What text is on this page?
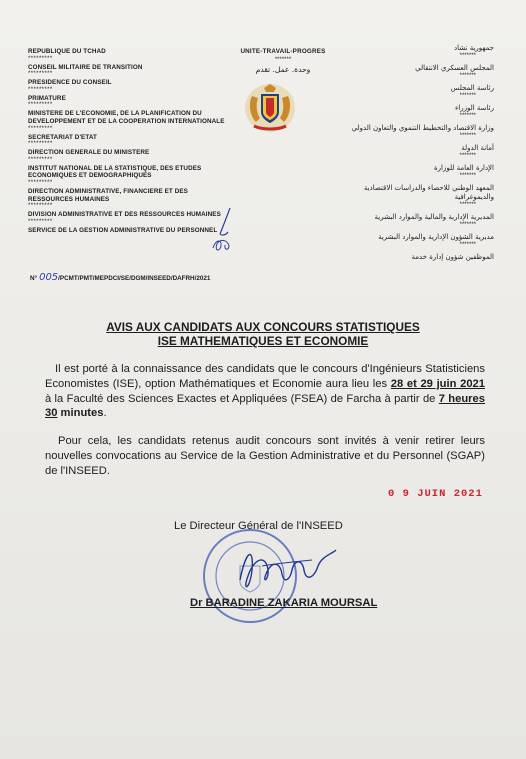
REPUBLIQUE DU TCHAD
*********
CONSEIL MILITAIRE DE TRANSITION
*********
PRESIDENCE DU CONSEIL
*********
PRIMATURE
*********
MINISTERE DE L'ECONOMIE, DE LA PLANIFICATION DU DEVELOPPEMENT ET DE LA COOPERATION INTERNATIONALE
*********
SECRETARIAT D'ETAT
*********
DIRECTION GENERALE DU MINISTERE
*********
INSTITUT NATIONAL DE LA STATISTIQUE, DES ETUDES ECONOMIQUES ET DEMOGRAPHIQUES
*********
DIRECTION ADMINISTRATIVE, FINANCIERE ET DES RESSOURCES HUMAINES
*********
DIVISION ADMINISTRATIVE ET DES RESSOURCES HUMAINES
*********
SERVICE DE LA GESTION ADMINISTRATIVE DU PERSONNEL
N° 005/PCMT/PMT/MEPDCI/SE/DGM/INSEED/DAFRH/2021
UNITE-TRAVAIL-PROGRES
*******
وحدة. عمل. تقدم
جمهورية تشاد
*******
المجلس العسكري الانتقالي
*******
رئاسة المجلس
*******
رئاسة الوزراء
*******
وزارة الاقتصاد والتخطيط التنموي والتعاون الدولي
*******
أمانة الدولة
*******
الإدارة العامة للوزارة
*******
المعهد الوطني للاحصاء والدراسات الاقتصادية والديموغرافية
*******
المديرية الإدارية والمالية والموارد البشرية
*******
مديرية الشؤون الإدارية والموارد البشرية
*******
الموظفين شؤون إدارة خدمة
AVIS AUX CANDIDATS AUX CONCOURS STATISTIQUES
ISE MATHEMATIQUES ET ECONOMIE

Il est porté à la connaissance des candidats que le concours d'Ingénieurs Statisticiens Economistes (ISE), option Mathématiques et Economie aura lieu les 28 et 29 juin 2021 à la Faculté des Sciences Exactes et Appliquées (FSEA) de Farcha à partir de 7 heures 30 minutes.

Pour cela, les candidats retenus audit concours sont invités à venir retirer leurs nouvelles convocations au Service de la Gestion Administrative et du Personnel (SGAP) de l'INSEED.

0 9 JUIN 2021
Le Directeur Général de l'INSEED
Dr BARADINE ZAKARIA MOURSAL
